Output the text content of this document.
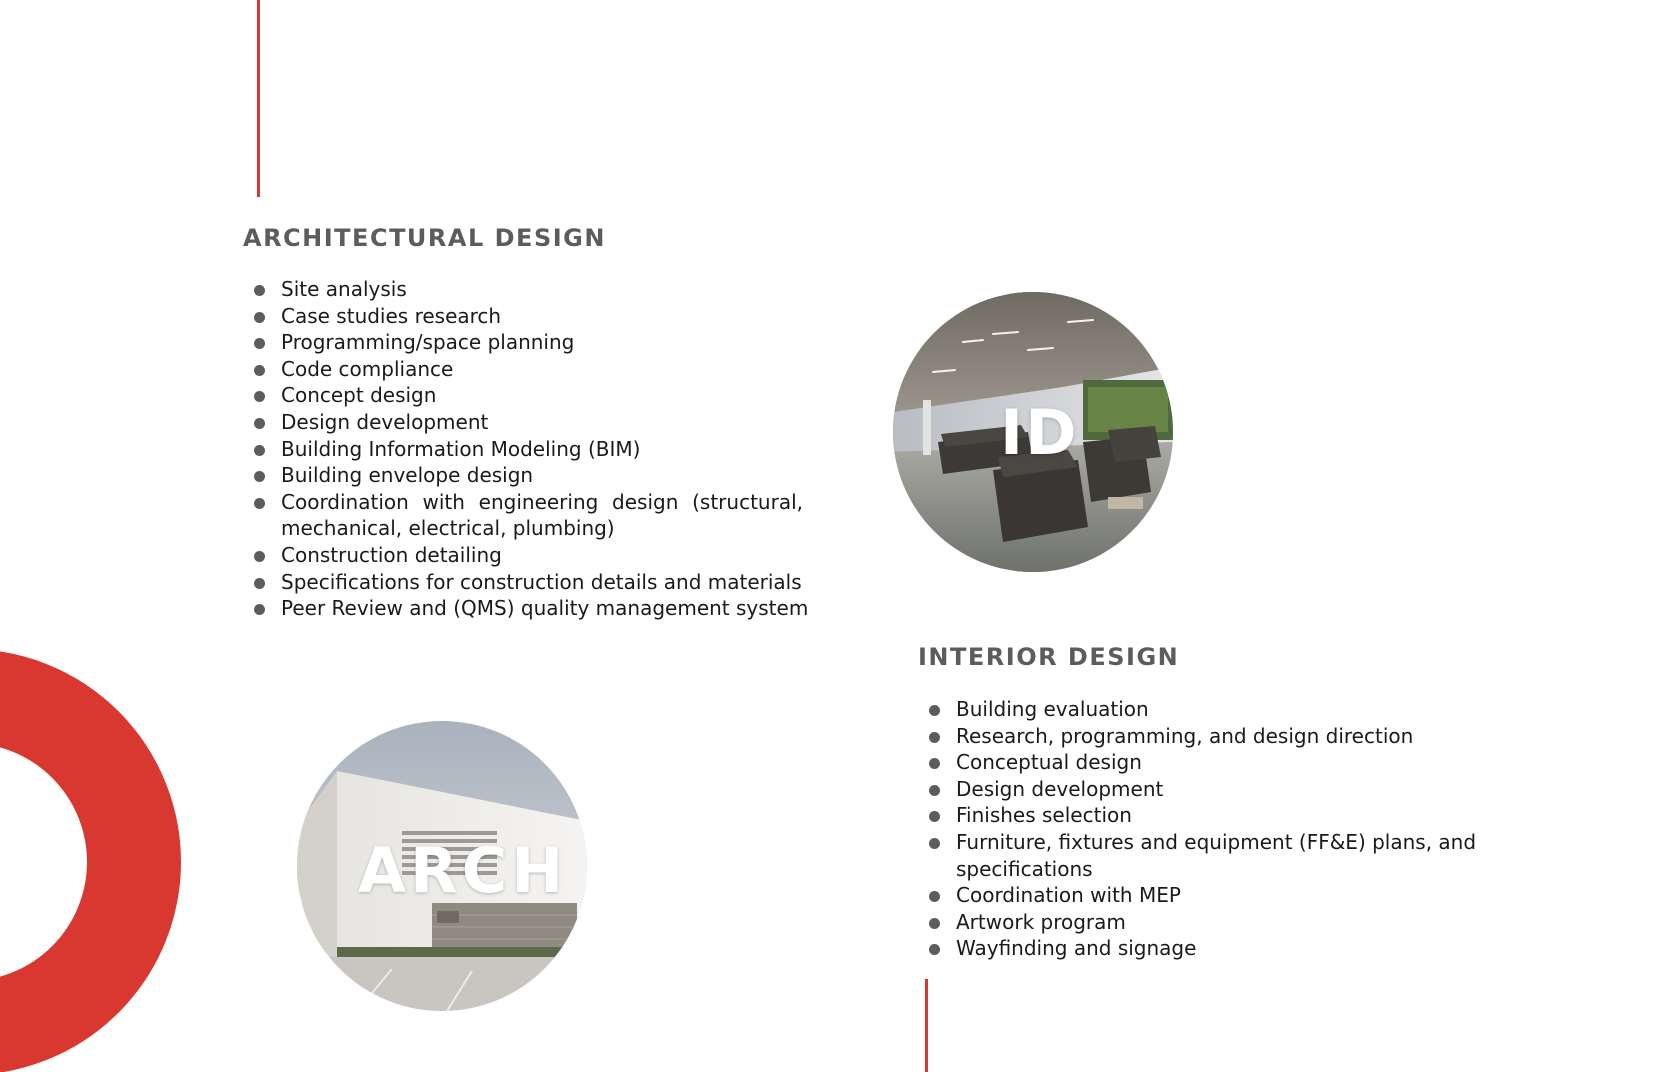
ARCHITECTURAL DESIGN
Site analysis
Case studies research
Programming/space planning
Code compliance
Concept design
Design development
Building Information Modeling (BIM)
Building envelope design
Coordination with engineering design (structural, mechanical, electrical, plumbing)
Construction detailing
Specifications for construction details and materials
Peer Review and (QMS) quality management system
ID
INTERIOR DESIGN
Building evaluation
Research, programming, and design direction
Conceptual design
Design development
Finishes selection
Furniture, fixtures and equipment (FF&E) plans, and specifications
Coordination with MEP
Artwork program
Wayfinding and signage
ARCH
